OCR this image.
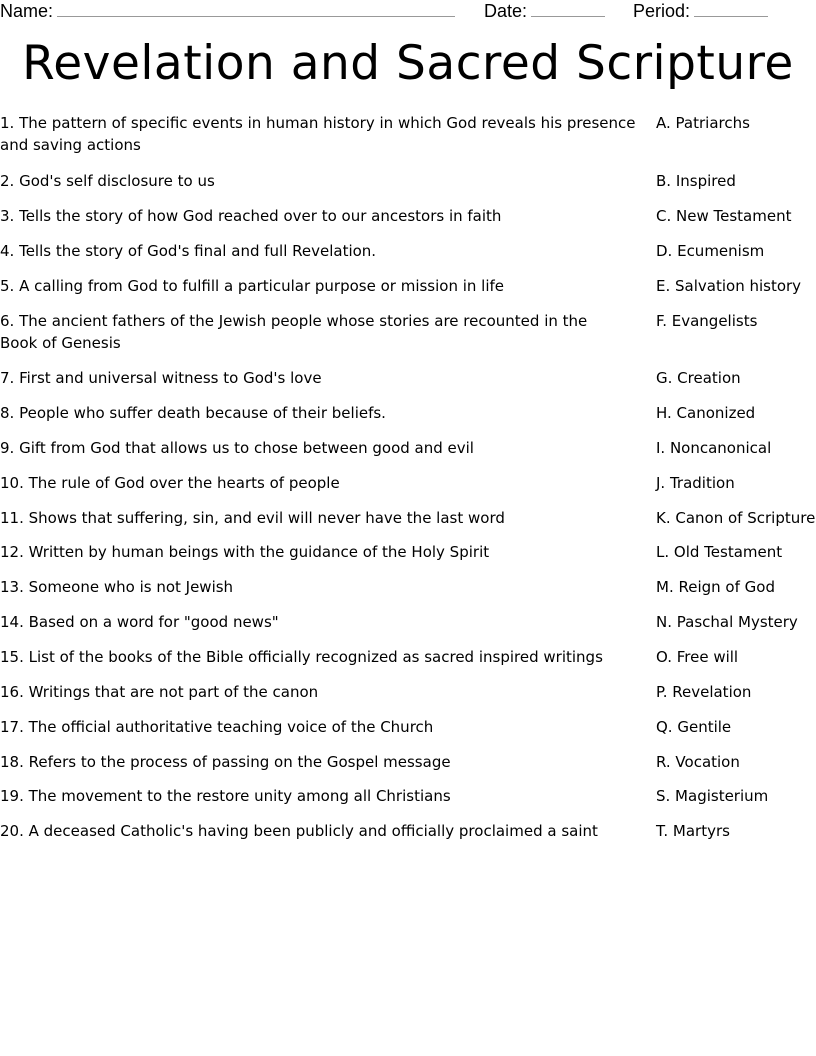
Name:	Date:	Period:
Revelation and Sacred Scripture
1. The pattern of specific events in human history in which God reveals his presence and saving actions
2. God's self disclosure to us
3. Tells the story of how God reached over to our ancestors in faith
4. Tells the story of God's final and full Revelation.
5. A calling from God to fulfill a particular purpose or mission in life
6. The ancient fathers of the Jewish people whose stories are recounted in the Book of Genesis
7. First and universal witness to God's love
8. People who suffer death because of their beliefs.
9. Gift from God that allows us to chose between good and evil
10. The rule of God over the hearts of people
11. Shows that suffering, sin, and evil will never have the last word
12. Written by human beings with the guidance of the Holy Spirit
13. Someone who is not Jewish
14. Based on a word for "good news"
15. List of the books of the Bible officially recognized as sacred inspired writings
16. Writings that are not part of the canon
17. The official authoritative teaching voice of the Church
18. Refers to the process of passing on the Gospel message
19. The movement to the restore unity among all Christians
20. A deceased Catholic's having been publicly and officially proclaimed a saint
A. Patriarchs
B. Inspired
C. New Testament
D. Ecumenism
E. Salvation history
F. Evangelists
G. Creation
H. Canonized
I. Noncanonical
J. Tradition
K. Canon of Scripture
L. Old Testament
M. Reign of God
N. Paschal Mystery
O. Free will
P. Revelation
Q. Gentile
R. Vocation
S. Magisterium
T. Martyrs
